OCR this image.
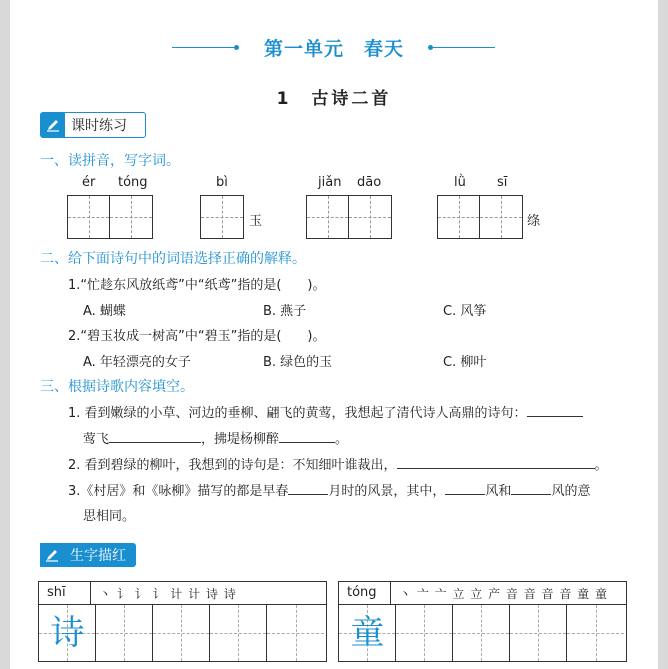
第一单元　春天
1　古诗二首
课时练习
一、读拼音，写字词。
ér tóng	bì
玉
jiǎn dāo	lǜ sī
绦
二、给下面诗句中的词语选择正确的解释。
1.“忙趁东风放纸鸢”中“纸鸢”指的是(　　)。
A. 蝴蝶	B. 燕子	C. 风筝
2.“碧玉妆成一树高”中“碧玉”指的是(　　)。
A. 年轻漂亮的女子	B. 绿色的玉	C. 柳叶
三、根据诗歌内容填空。
1. 看到嫩绿的小草、河边的垂柳、翩飞的黄莺，我想起了清代诗人高鼎的诗句：
莺飞	，拂堤杨柳醉	。
2. 看到碧绿的柳叶，我想到的诗句是：不知细叶谁裁出，	。
3.《村居》和《咏柳》描写的都是早春	月时的风景，其中，	风和	风的意
思相同。
生字描红
shī	丶 讠 讠 讠 计 计 诗 诗
诗
tóng	丶 亠 亠 立 立 产 音 音 音 音 童 童
童
